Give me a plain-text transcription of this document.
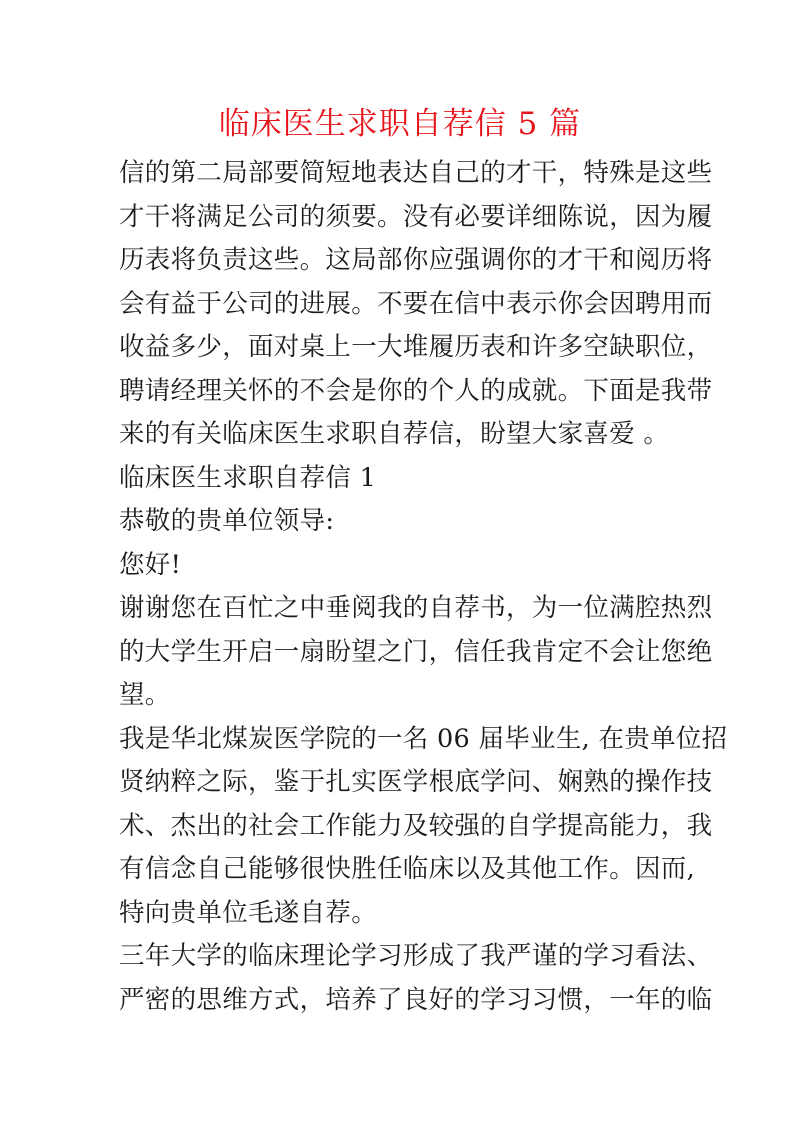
临床医生求职自荐信 5 篇
信的第二局部要简短地表达自己的才干，特殊是这些
才干将满足公司的须要。没有必要详细陈说，因为履
历表将负责这些。这局部你应强调你的才干和阅历将
会有益于公司的进展。不要在信中表示你会因聘用而
收益多少，面对桌上一大堆履历表和许多空缺职位，
聘请经理关怀的不会是你的个人的成就。下面是我带
来的有关临床医生求职自荐信，盼望大家喜爱 。
临床医生求职自荐信 1
恭敬的贵单位领导:
您好!
谢谢您在百忙之中垂阅我的自荐书，为一位满腔热烈
的大学生开启一扇盼望之门，信任我肯定不会让您绝
望。
我是华北煤炭医学院的一名 06 届毕业生, 在贵单位招
贤纳粹之际，鉴于扎实医学根底学问、娴熟的操作技
术、杰出的社会工作能力及较强的自学提高能力，我
有信念自己能够很快胜任临床以及其他工作。因而,
特向贵单位毛遂自荐。
三年大学的临床理论学习形成了我严谨的学习看法、
严密的思维方式，培养了良好的学习习惯，一年的临
